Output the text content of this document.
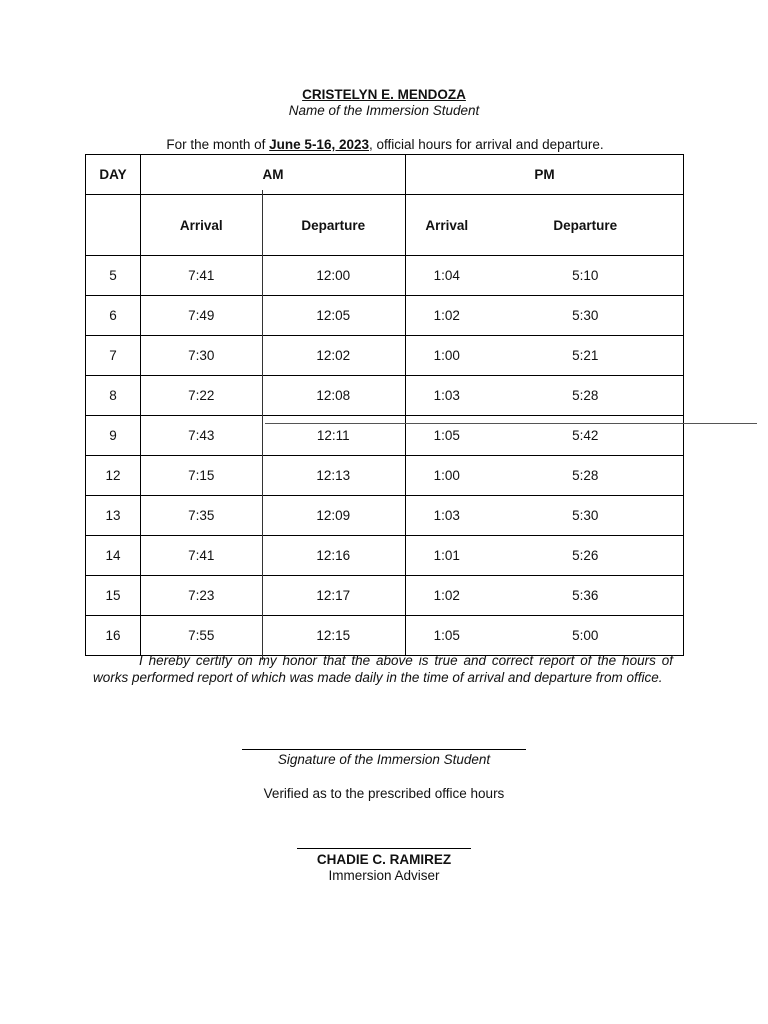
CRISTELYN E. MENDOZA
Name of the Immersion Student
For the month of June 5-16, 2023, official hours for arrival and departure.
DAY	AM		PM	
	Arrival	Departure	Arrival	Departure
5	7:41	12:00	1:04	5:10
6	7:49	12:05	1:02	5:30
7	7:30	12:02	1:00	5:21
8	7:22	12:08	1:03	5:28
9	7:43	12:11	1:05	5:42
12	7:15	12:13	1:00	5:28
13	7:35	12:09	1:03	5:30
14	7:41	12:16	1:01	5:26
15	7:23	12:17	1:02	5:36
16	7:55	12:15	1:05	5:00
I hereby certify on my honor that the above is true and correct report of the hours of works performed report of which was made daily in the time of arrival and departure from office.
Signature of the Immersion Student
Verified as to the prescribed office hours
CHADIE C. RAMIREZ
Immersion Adviser
